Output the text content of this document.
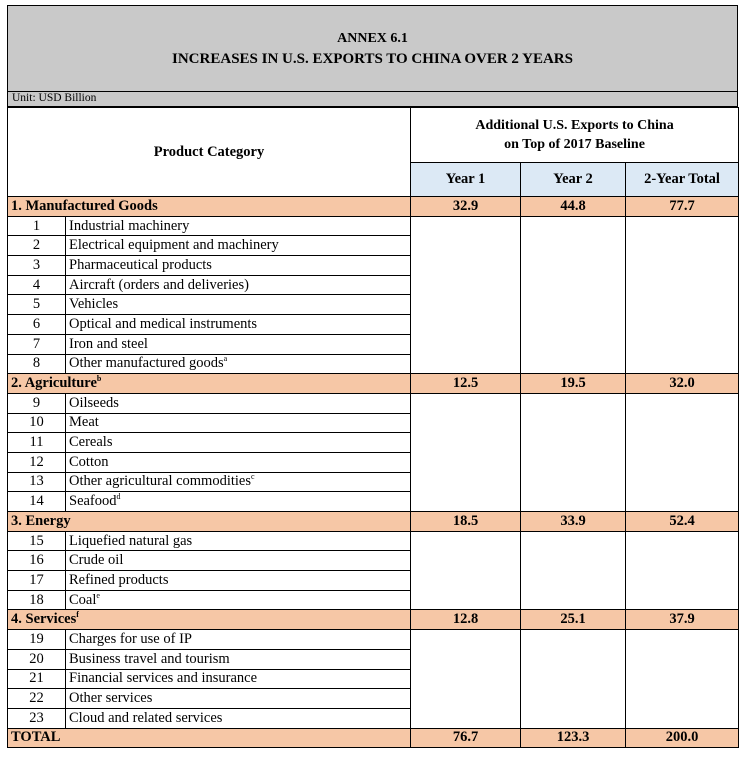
ANNEX 6.1
INCREASES IN U.S. EXPORTS TO CHINA OVER 2 YEARS
Unit: USD Billion
Product Category		Additional U.S. Exports to China
on Top of 2017 Baseline		

		Year 1	Year 2	2-Year Total
1. Manufactured Goods		32.9	44.8	77.7
1	Industrial machinery			
2	Electrical equipment and machinery			
3	Pharmaceutical products			
4	Aircraft (orders and deliveries)			
5	Vehicles			
6	Optical and medical instruments			
7	Iron and steel			
8	Other manufactured goods$^a$
2. Agriculture$^b$		12.5	19.5	32.0
9	Oilseeds			
10	Meat			
11	Cereals			
12	Cotton			
13	Other agricultural commodities$^c$
14	Seafood$^d$
3. Energy		18.5	33.9	52.4
15	Liquefied natural gas			
16	Crude oil			
17	Refined products			
18	Coal$^e$
4. Services$^f$		12.8	25.1	37.9
19	Charges for use of IP			
20	Business travel and tourism			
21	Financial services and insurance			
22	Other services			
23	Cloud and related services			
TOTAL		76.7	123.3	200.0
